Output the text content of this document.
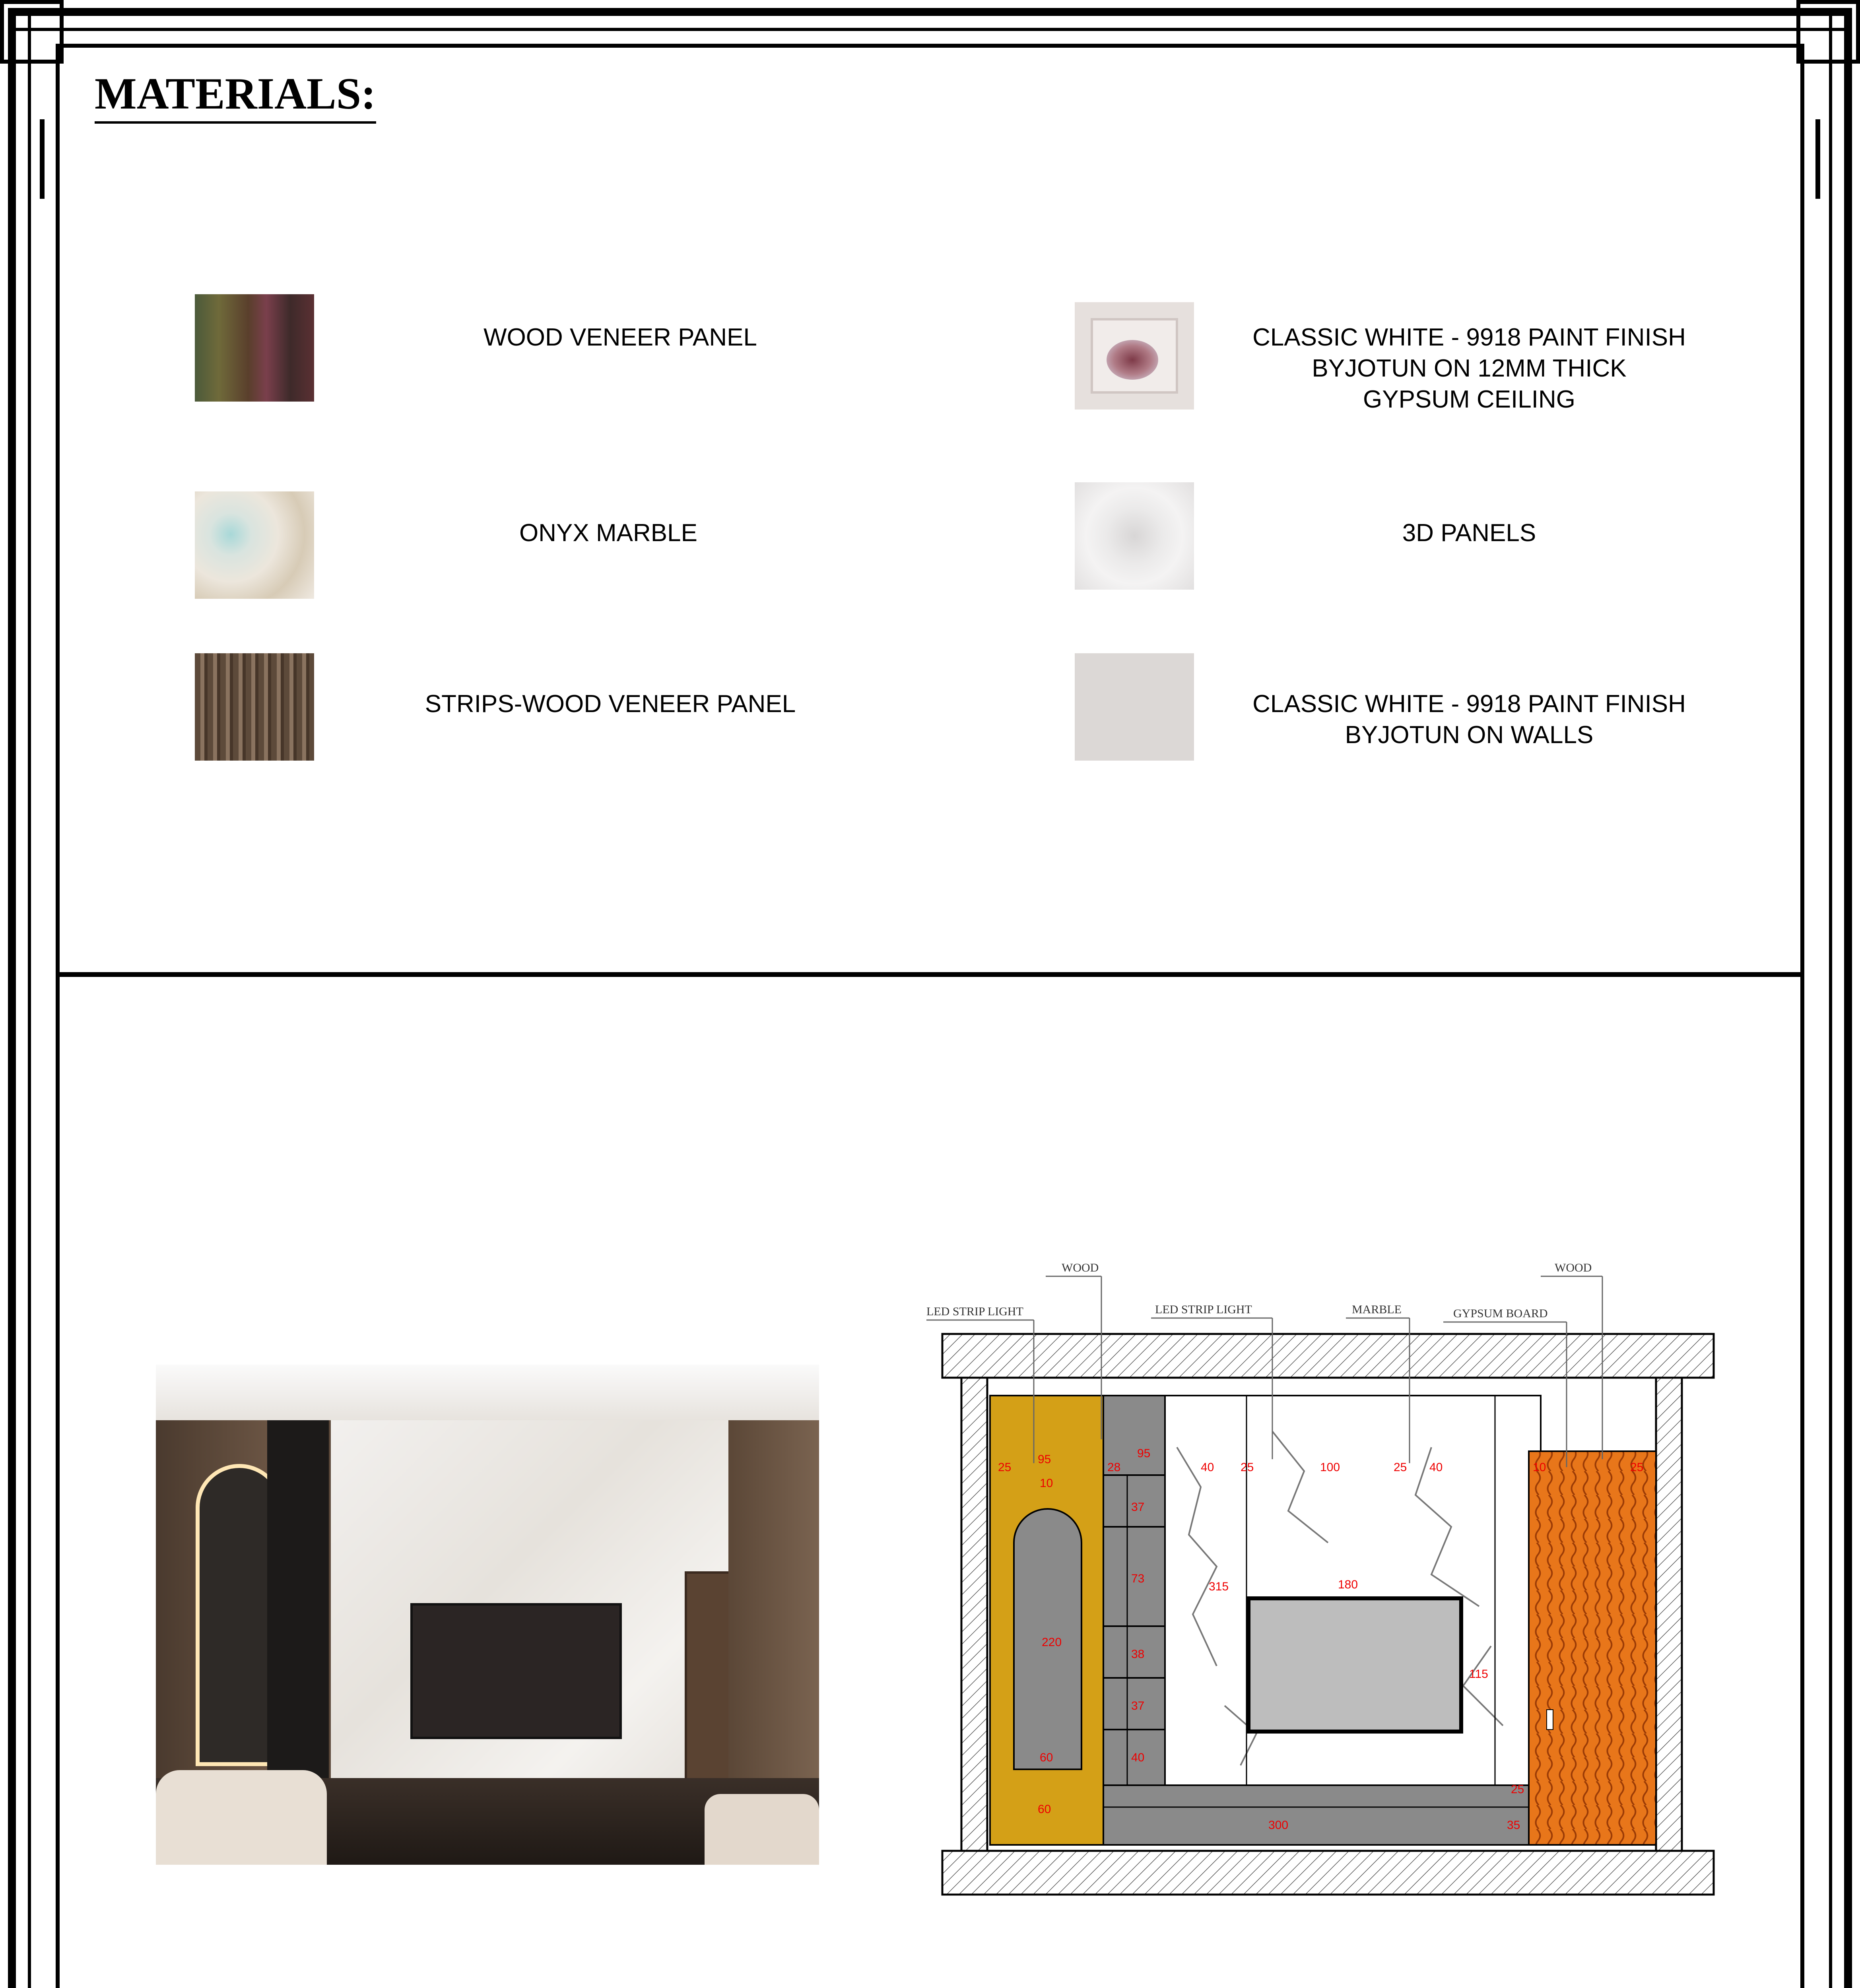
MATERIALS:
WOOD VENEER PANEL	CLASSIC WHITE - 9918 PAINT FINISH
BYJOTUN ON 12MM THICK
GYPSUM CEILING
ONYX MARBLE	3D PANELS
STRIPS-WOOD VENEER PANEL	CLASSIC WHITE - 9918 PAINT FINISH
BYJOTUN ON WALLS
WOOD
LED STRIP LIGHT	LED STRIP LIGHT	MARBLE
WOOD
GYPSUM BOARD
25
95
10
28
95
37
73
38
37
40
220
60
60
315
40 25	100	25 40
180
115
25
300	35
10	25
